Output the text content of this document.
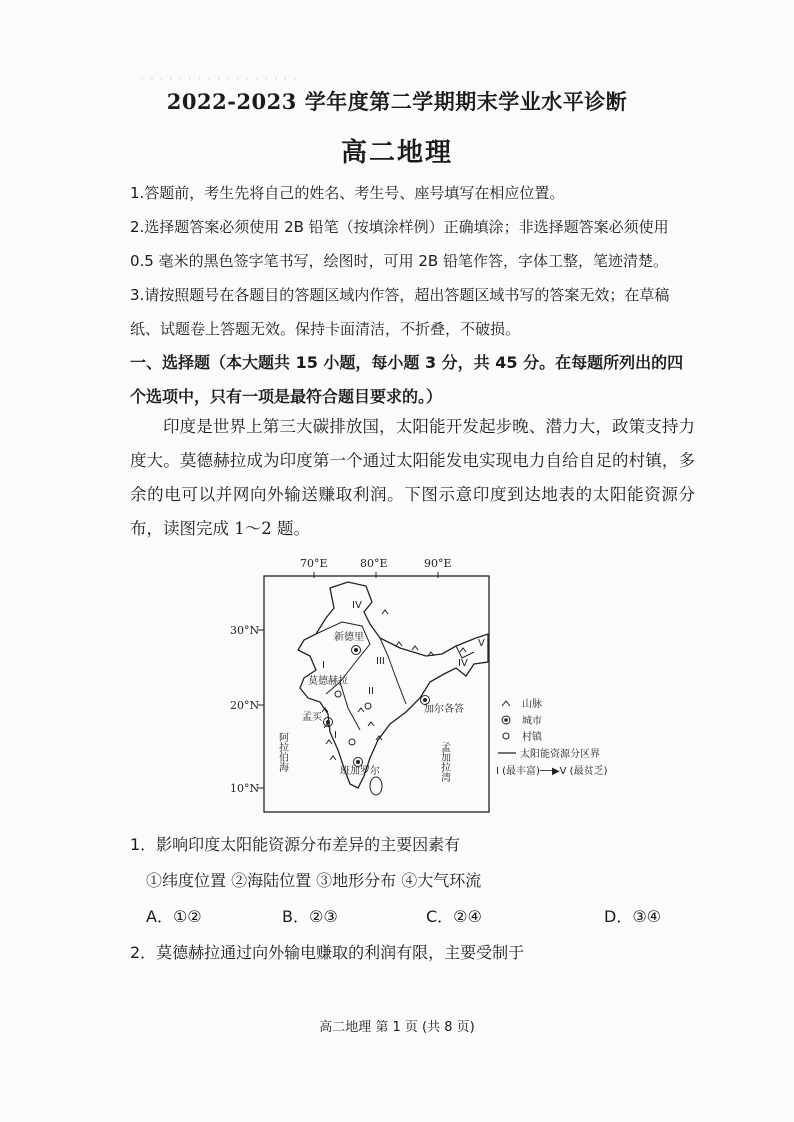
· · · · · · · · · · · · · · · · ·
2022-2023 学年度第二学期期末学业水平诊断
高二地理

1.答题前，考生先将自己的姓名、考生号、座号填写在相应位置。

2.选择题答案必须使用 2B 铅笔（按填涂样例）正确填涂；非选择题答案必须使用 0.5 毫米的黑色签字笔书写，绘图时，可用 2B 铅笔作答，字体工整，笔迹清楚。

3.请按照题号在各题目的答题区域内作答，超出答题区域书写的答案无效；在草稿纸、试题卷上答题无效。保持卡面清洁，不折叠，不破损。

一、选择题（本大题共 15 小题，每小题 3 分，共 45 分。在每题所列出的四个选项中，只有一项是最符合题目要求的。）
印度是世界上第三大碳排放国，太阳能开发起步晚、潜力大，政策支持力度大。莫德赫拉成为印度第一个通过太阳能发电实现电力自给自足的村镇，多余的电可以并网向外输送赚取利润。下图示意印度到达地表的太阳能资源分布，读图完成 1～2 题。
70°E	80°E	90°E
30°N
20°N
10°N
IV
I	III
II
I
IV
V
新德里
莫德赫拉
加尔各答
孟买
班加罗尔
阿拉伯海	孟加拉湾
山脉
城市
村镇
太阳能资源分区界
I (最丰富)──▶V (最贫乏)
1．影响印度太阳能资源分布差异的主要因素有
①纬度位置 ②海陆位置 ③地形分布 ④大气环流
A．①②	B．②③	C．②④	D．③④
2．莫德赫拉通过向外输电赚取的利润有限，主要受制于
高二地理 第 1 页 (共 8 页)
